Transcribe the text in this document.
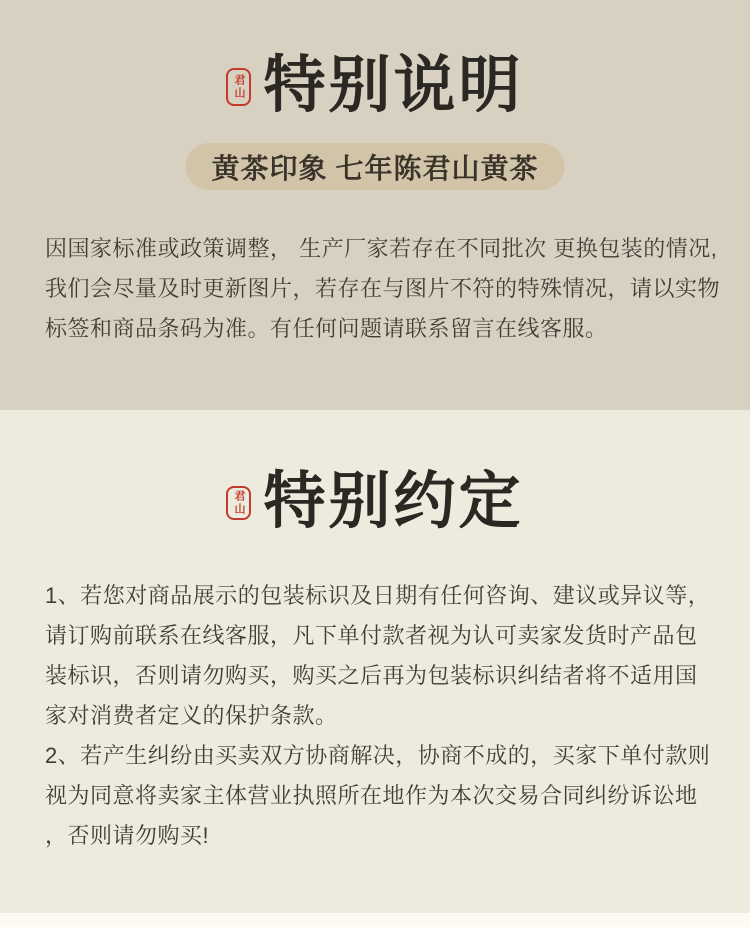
君山 特别说明
黄茶印象 七年陈君山黄茶
因国家标准或政策调整， 生产厂家若存在不同批次 更换包装的情况,
我们会尽量及时更新图片，若存在与图片不符的特殊情况，请以实物
标签和商品条码为准。有任何问题请联系留言在线客服。
君山 特别约定
1、若您对商品展示的包装标识及日期有任何咨询、建议或异议等，
请订购前联系在线客服，凡下单付款者视为认可卖家发货时产品包
装标识，否则请勿购买，购买之后再为包装标识纠结者将不适用国
家对消费者定义的保护条款。
2、若产生纠纷由买卖双方协商解决，协商不成的，买家下单付款则
视为同意将卖家主体营业执照所在地作为本次交易合同纠纷诉讼地
，否则请勿购买!
